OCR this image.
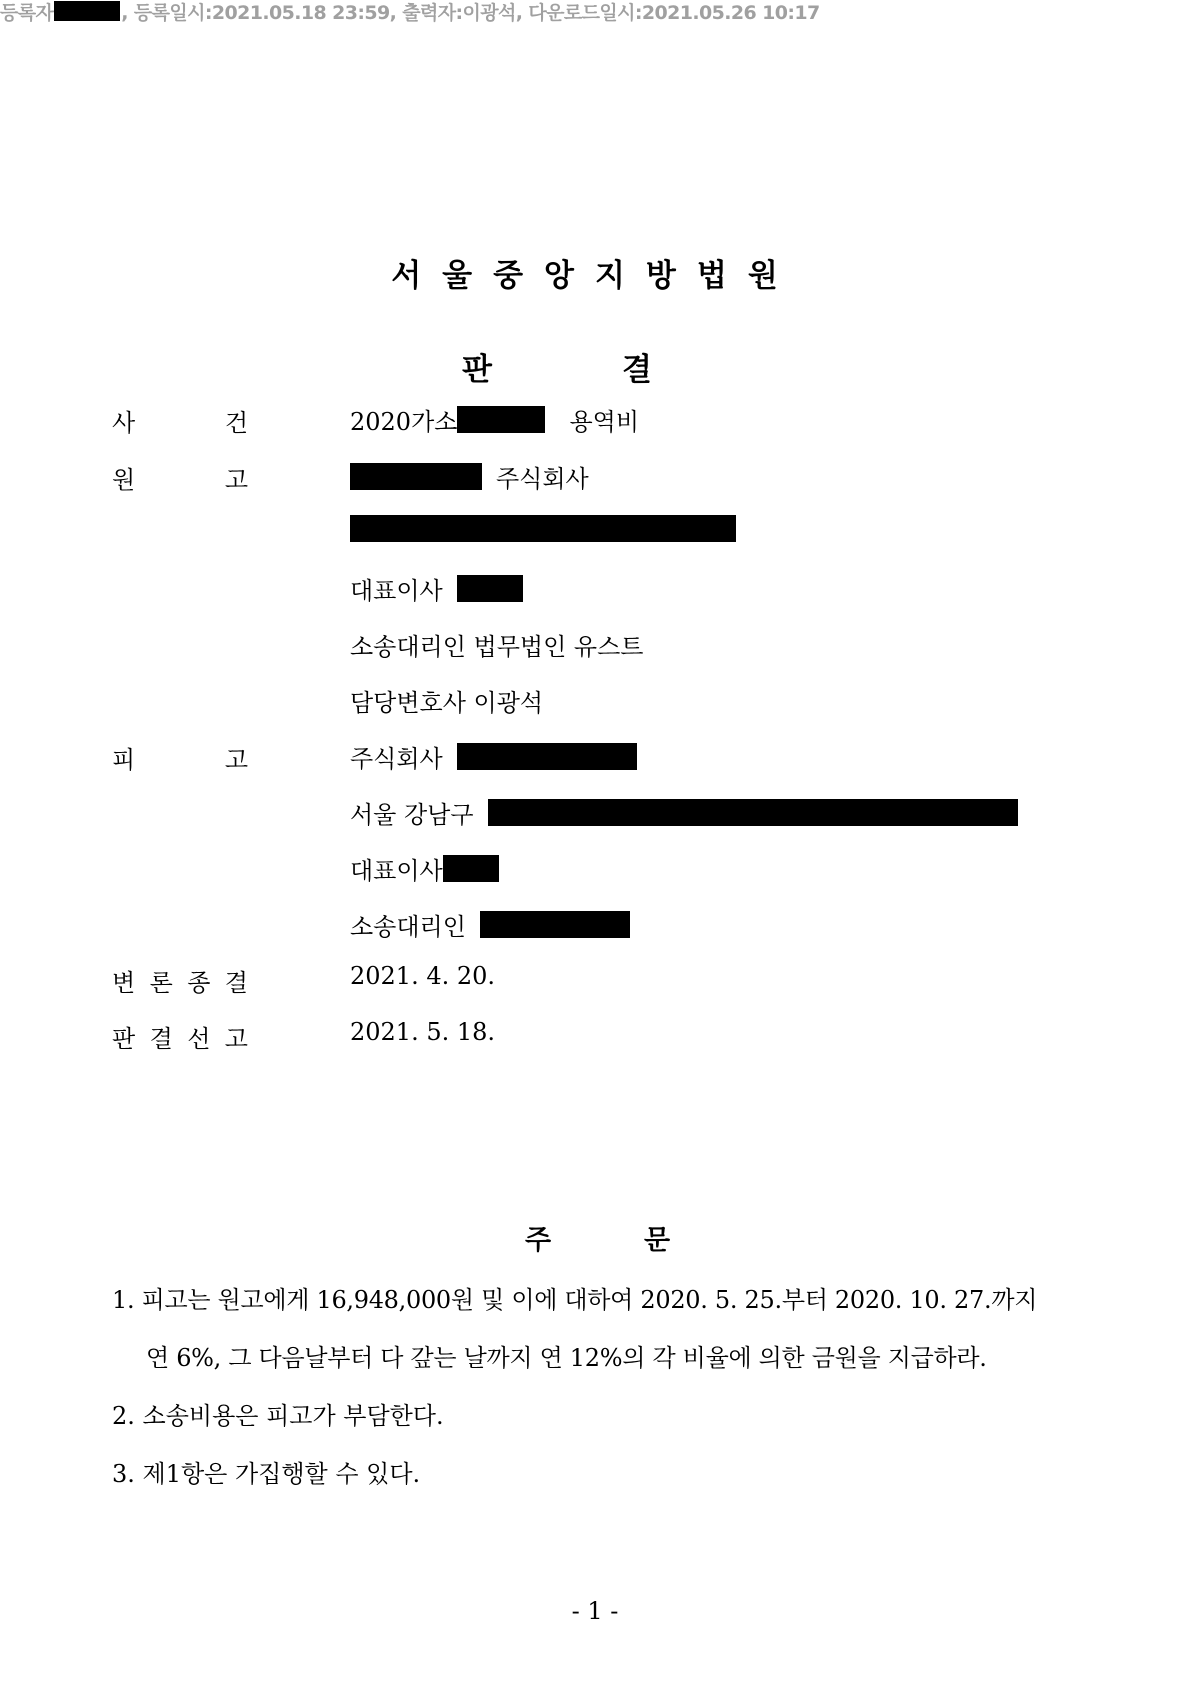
등록자	, 등록일시:2021.05.18 23:59, 출력자:이광석, 다운로드일시:2021.05.26 10:17
서울중앙지방법원
판	결
사	건	2020가소	용역비
원	고	주식회사
대표이사
소송대리인 법무법인 유스트
담당변호사 이광석
피	고	주식회사
서울 강남구
대표이사
소송대리인
변 론 종 결	2021. 4. 20.
판 결 선 고	2021. 5. 18.
주	문
1. 피고는 원고에게 16,948,000원 및 이에 대하여 2020. 5. 25.부터 2020. 10. 27.까지
연 6%, 그 다음날부터 다 갚는 날까지 연 12%의 각 비율에 의한 금원을 지급하라.
2. 소송비용은 피고가 부담한다.
3. 제1항은 가집행할 수 있다.
- 1 -
